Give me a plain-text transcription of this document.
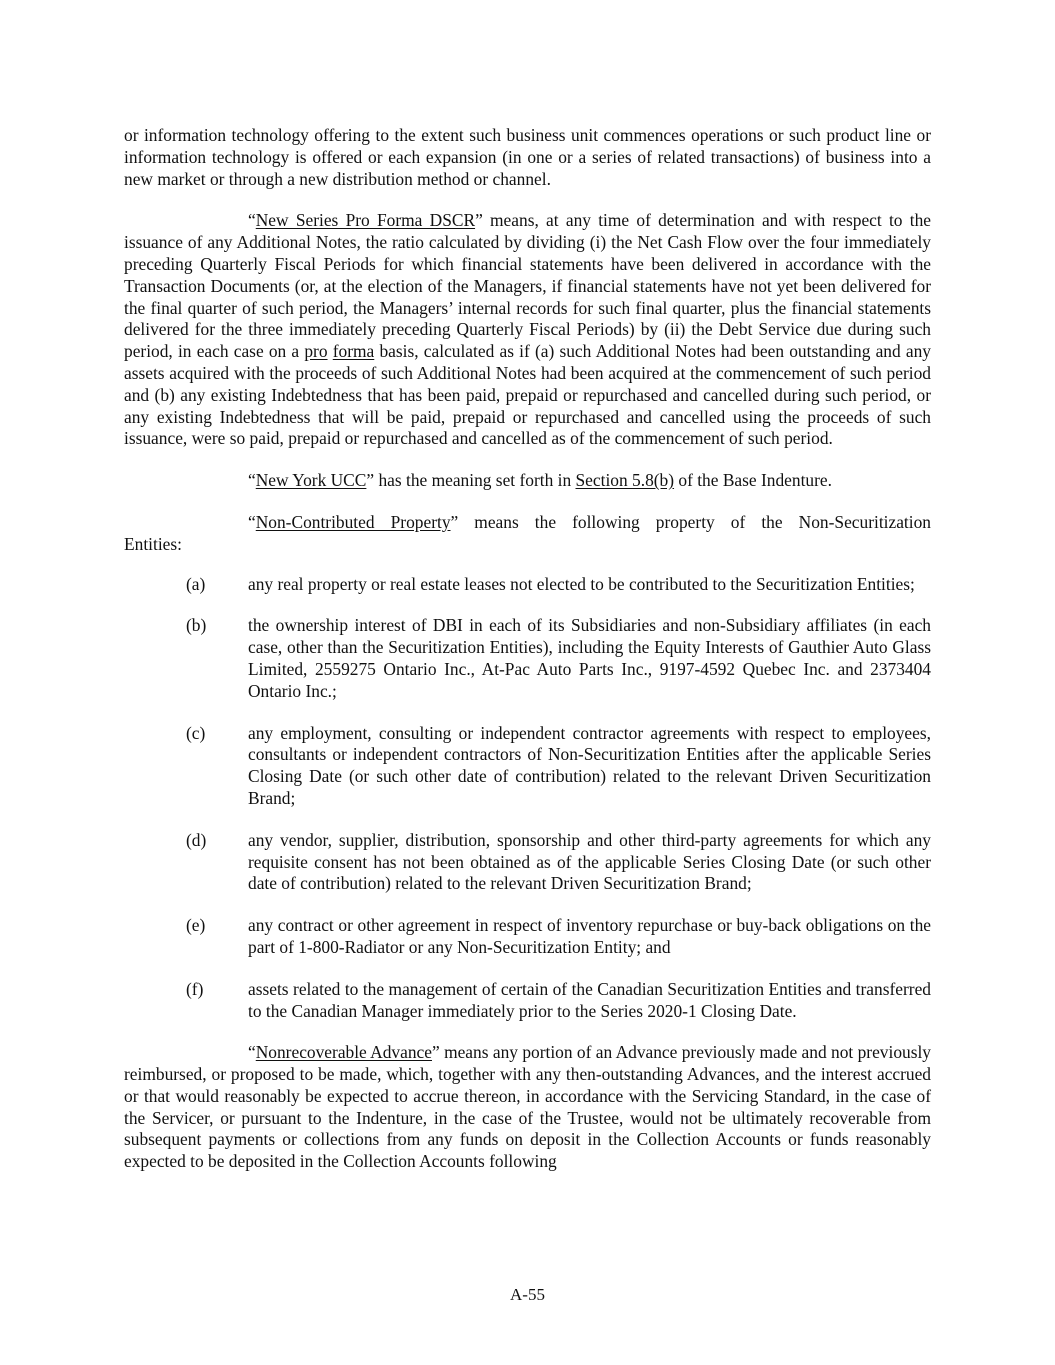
or information technology offering to the extent such business unit commences operations or such product line or information technology is offered or each expansion (in one or a series of related transactions) of business into a new market or through a new distribution method or channel.

“New Series Pro Forma DSCR” means, at any time of determination and with respect to the issuance of any Additional Notes, the ratio calculated by dividing (i) the Net Cash Flow over the four immediately preceding Quarterly Fiscal Periods for which financial statements have been delivered in accordance with the Transaction Documents (or, at the election of the Managers, if financial statements have not yet been delivered for the final quarter of such period, the Managers’ internal records for such final quarter, plus the financial statements delivered for the three immediately preceding Quarterly Fiscal Periods) by (ii) the Debt Service due during such period, in each case on a pro forma basis, calculated as if (a) such Additional Notes had been outstanding and any assets acquired with the proceeds of such Additional Notes had been acquired at the commencement of such period and (b) any existing Indebtedness that has been paid, prepaid or repurchased and cancelled during such period, or any existing Indebtedness that will be paid, prepaid or repurchased and cancelled using the proceeds of such issuance, were so paid, prepaid or repurchased and cancelled as of the commencement of such period.

“New York UCC” has the meaning set forth in Section 5.8(b) of the Base Indenture.

“Non-Contributed Property” means the following property of the Non-Securitization
Entities:
(a) any real property or real estate leases not elected to be contributed to the Securitization Entities;
(b) the ownership interest of DBI in each of its Subsidiaries and non-Subsidiary affiliates (in each case, other than the Securitization Entities), including the Equity Interests of Gauthier Auto Glass Limited, 2559275 Ontario Inc., At-Pac Auto Parts Inc., 9197-4592 Quebec Inc. and 2373404 Ontario Inc.;
(c) any employment, consulting or independent contractor agreements with respect to employees, consultants or independent contractors of Non-Securitization Entities after the applicable Series Closing Date (or such other date of contribution) related to the relevant Driven Securitization Brand;
(d) any vendor, supplier, distribution, sponsorship and other third-party agreements for which any requisite consent has not been obtained as of the applicable Series Closing Date (or such other date of contribution) related to the relevant Driven Securitization Brand;
(e) any contract or other agreement in respect of inventory repurchase or buy-back obligations on the part of 1-800-Radiator or any Non-Securitization Entity; and
(f)	assets related to the management of certain of the Canadian Securitization Entities and transferred to the Canadian Manager immediately prior to the Series 2020-1 Closing Date.

“Nonrecoverable Advance” means any portion of an Advance previously made and not previously reimbursed, or proposed to be made, which, together with any then-outstanding Advances, and the interest accrued or that would reasonably be expected to accrue thereon, in accordance with the Servicing Standard, in the case of the Servicer, or pursuant to the Indenture, in the case of the Trustee, would not be ultimately recoverable from subsequent payments or collections from any funds on deposit in the Collection Accounts or funds reasonably expected to be deposited in the Collection Accounts following

A-55
